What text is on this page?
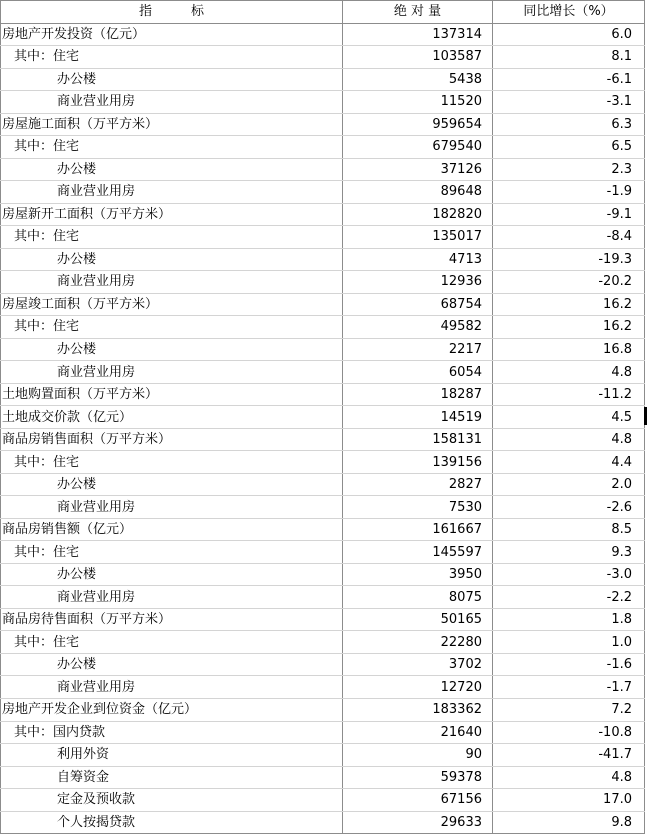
指　　　标	绝 对 量	同比增长（%）
房地产开发投资（亿元）	137314	6.0
其中：住宅	103587	8.1
办公楼	5438	-6.1
商业营业用房	11520	-3.1
房屋施工面积（万平方米）	959654	6.3
其中：住宅	679540	6.5
办公楼	37126	2.3
商业营业用房	89648	-1.9
房屋新开工面积（万平方米）	182820	-9.1
其中：住宅	135017	-8.4
办公楼	4713	-19.3
商业营业用房	12936	-20.2
房屋竣工面积（万平方米）	68754	16.2
其中：住宅	49582	16.2
办公楼	2217	16.8
商业营业用房	6054	4.8
土地购置面积（万平方米）	18287	-11.2
土地成交价款（亿元）	14519	4.5
商品房销售面积（万平方米）	158131	4.8
其中：住宅	139156	4.4
办公楼	2827	2.0
商业营业用房	7530	-2.6
商品房销售额（亿元）	161667	8.5
其中：住宅	145597	9.3
办公楼	3950	-3.0
商业营业用房	8075	-2.2
商品房待售面积（万平方米）	50165	1.8
其中：住宅	22280	1.0
办公楼	3702	-1.6
商业营业用房	12720	-1.7
房地产开发企业到位资金（亿元）	183362	7.2
其中：国内贷款	21640	-10.8
利用外资	90	-41.7
自筹资金	59378	4.8
定金及预收款	67156	17.0
个人按揭贷款	29633	9.8
